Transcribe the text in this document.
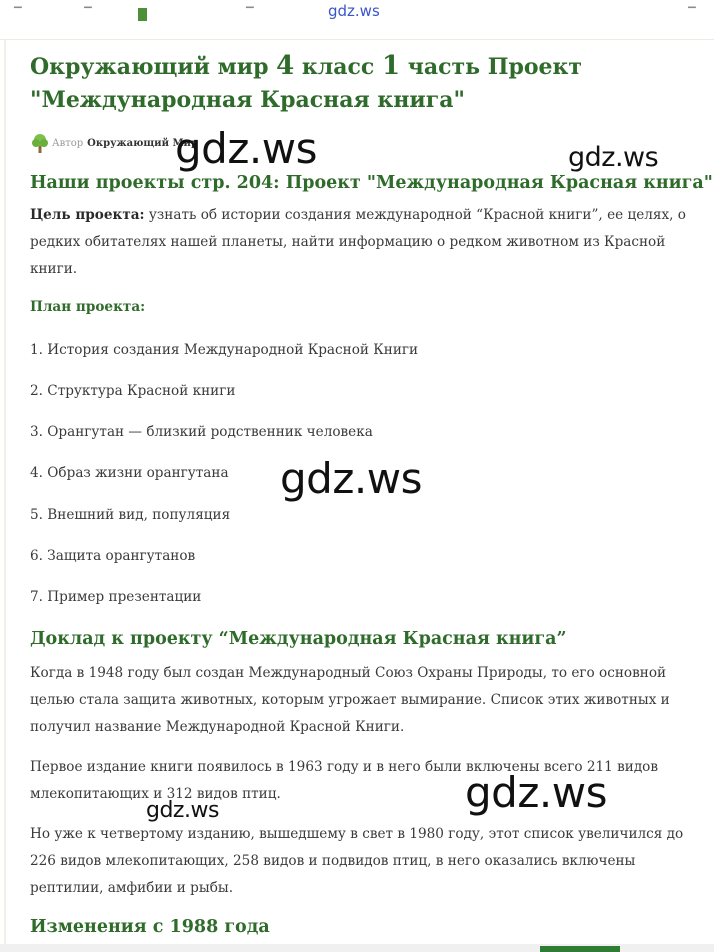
▔	▔	▔	▔
gdz.ws
Окружающий мир 4 класс 1 часть Проект
"Международная Красная книга"
Автор Окружающий Мир
Наши проекты стр. 204: Проект "Международная Красная книга"

Цель проекта: узнать об истории создания международной “Красной книги”, ее целях, о редких обитателях нашей планеты, найти информацию о редком животном из Красной книги.

План проекта:
1. История создания Международной Красной Книги
2. Структура Красной книги
3. Орангутан — близкий родственник человека
4. Образ жизни орангутана
5. Внешний вид, популяция
6. Защита орангутанов
7. Пример презентации
Доклад к проекту “Международная Красная книга”

Когда в 1948 году был создан Международный Союз Охраны Природы, то его основной целью стала защита животных, которым угрожает вымирание. Список этих животных и получил название Международной Красной Книги.

Первое издание книги появилось в 1963 году и в него были включены всего 211 видов млекопитающих и 312 видов птиц.

Но уже к четвертому изданию, вышедшему в свет в 1980 году, этот список увеличился до 226 видов млекопитающих, 258 видов и подвидов птиц, в него оказались включены рептилии, амфибии и рыбы.

Изменения с 1988 года
gdz.ws	gdz.ws
gdz.ws
gdz.ws
gdz.ws
